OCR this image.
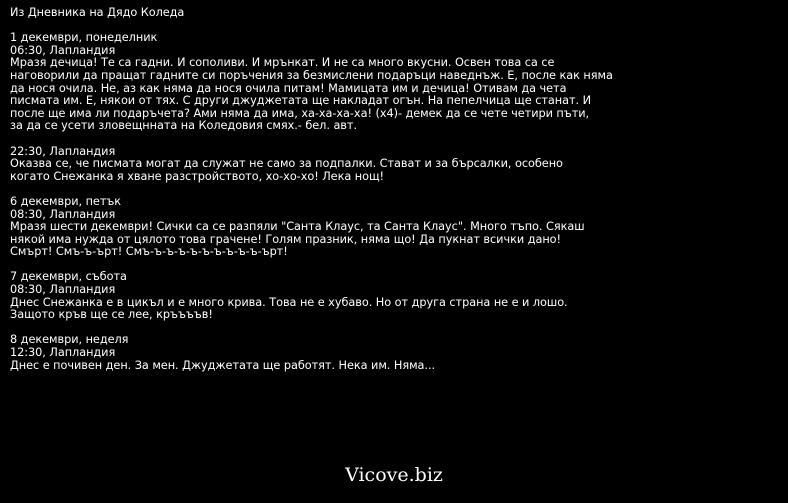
Из Дневника на Дядо Коледа
1 декември, понеделник
06:30, Лапландия
Мразя дечица! Те са гадни. И сополиви. И мрънкат. И не са много вкусни. Освен това са се
наговорили да пращат гадните си поръчения за безмислени подаръци наведнъж. Е, после как няма
да нося очила. Не, аз как няма да нося очила питам! Мамицата им и дечица! Отивам да чета
писмата им. Е, някои от тях. С други джуджетата ще накладат огън. На пепелчица ще станат. И
после ще има ли подаръчета? Ами няма да има, ха-ха-ха-ха! (х4)- демек да се чете четири пъти,
за да се усети зловещнната на Коледовия смях.- бел. авт.
22:30, Лапландия
Оказва се, че писмата могат да служат не само за подпалки. Стават и за бърсалки, особено
когато Снежанка я хване разстройството, хо-хо-хо! Лека нощ!
6 декември, петък
08:30, Лапландия
Мразя шести декември! Сички са се разпяли "Санта Клаус, та Санта Клаус". Много тъпо. Сякаш
някой има нужда от цялото това грачене! Голям празник, няма що! Да пукнат всички дано!
Смърт! Смъ-ъ-ърт! Смъ-ъ-ъ-ъ-ъ-ъ-ъ-ъ-ъ-ъ-ърт!
7 декември, събота
08:30, Лапландия
Днес Снежанка е в цикъл и е много крива. Това не е хубаво. Но от друга страна не е и лошо.
Защото кръв ще се лее, кръъъъв!
8 декември, неделя
12:30, Лапландия
Днес е почивен ден. За мен. Джуджетата ще работят. Нека им. Няма...
Vicove.biz
